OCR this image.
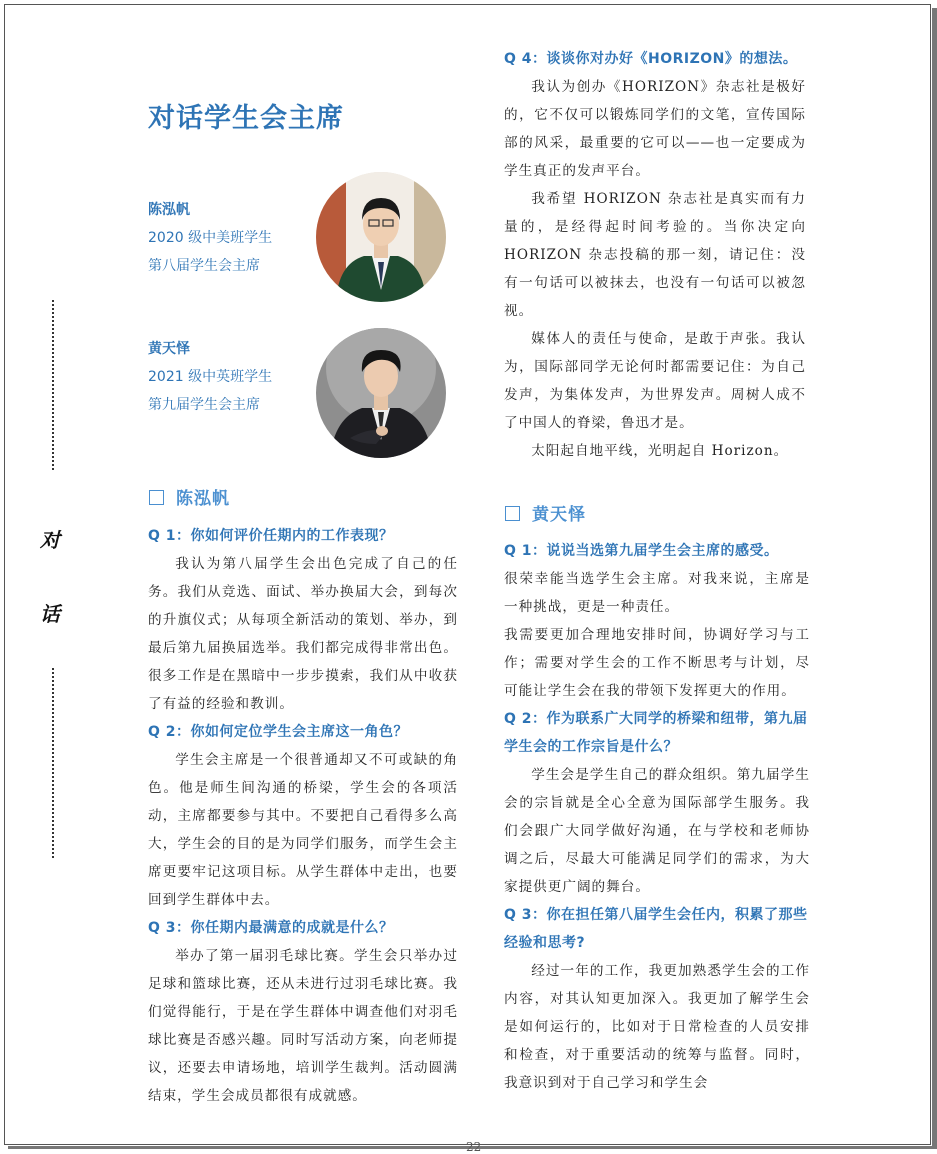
对
话
对话学生会主席
陈泓帆
2020 级中美班学生
第八届学生会主席
黄天怿
2021 级中英班学生
第九届学生会主席
陈泓帆
Q 1：你如何评价任期内的工作表现？
我认为第八届学生会出色完成了自己的任务。我们从竞选、面试、举办换届大会，到每次的升旗仪式；从每项全新活动的策划、举办，到最后第九届换届选举。我们都完成得非常出色。很多工作是在黑暗中一步步摸索，我们从中收获了有益的经验和教训。
Q 2：你如何定位学生会主席这一角色？
学生会主席是一个很普通却又不可或缺的角色。他是师生间沟通的桥梁，学生会的各项活动，主席都要参与其中。不要把自己看得多么高大，学生会的目的是为同学们服务，而学生会主席更要牢记这项目标。从学生群体中走出，也要回到学生群体中去。
Q 3：你任期内最满意的成就是什么？
举办了第一届羽毛球比赛。学生会只举办过足球和篮球比赛，还从未进行过羽毛球比赛。我们觉得能行，于是在学生群体中调查他们对羽毛球比赛是否感兴趣。同时写活动方案，向老师提议，还要去申请场地，培训学生裁判。活动圆满结束，学生会成员都很有成就感。
Q 4：谈谈你对办好《HORIZON》的想法。
我认为创办《HORIZON》杂志社是极好的，它不仅可以锻炼同学们的文笔，宣传国际部的风采，最重要的它可以——也一定要成为学生真正的发声平台。
我希望 HORIZON 杂志社是真实而有力量的，是经得起时间考验的。当你决定向 HORIZON 杂志投稿的那一刻，请记住：没有一句话可以被抹去，也没有一句话可以被忽视。
媒体人的责任与使命，是敢于声张。我认为，国际部同学无论何时都需要记住：为自己发声，为集体发声，为世界发声。周树人成不了中国人的脊梁，鲁迅才是。
太阳起自地平线，光明起自 Horizon。
黄天怿
Q 1：说说当选第九届学生会主席的感受。
很荣幸能当选学生会主席。对我来说，主席是一种挑战，更是一种责任。
我需要更加合理地安排时间，协调好学习与工作；需要对学生会的工作不断思考与计划，尽可能让学生会在我的带领下发挥更大的作用。
Q 2：作为联系广大同学的桥梁和纽带，第九届学生会的工作宗旨是什么？
学生会是学生自己的群众组织。第九届学生会的宗旨就是全心全意为国际部学生服务。我们会跟广大同学做好沟通，在与学校和老师协调之后，尽最大可能满足同学们的需求，为大家提供更广阔的舞台。
Q 3：你在担任第八届学生会任内，积累了那些经验和思考?
经过一年的工作，我更加熟悉学生会的工作内容，对其认知更加深入。我更加了解学生会是如何运行的，比如对于日常检查的人员安排和检查，对于重要活动的统筹与监督。同时，我意识到对于自己学习和学生会
22
